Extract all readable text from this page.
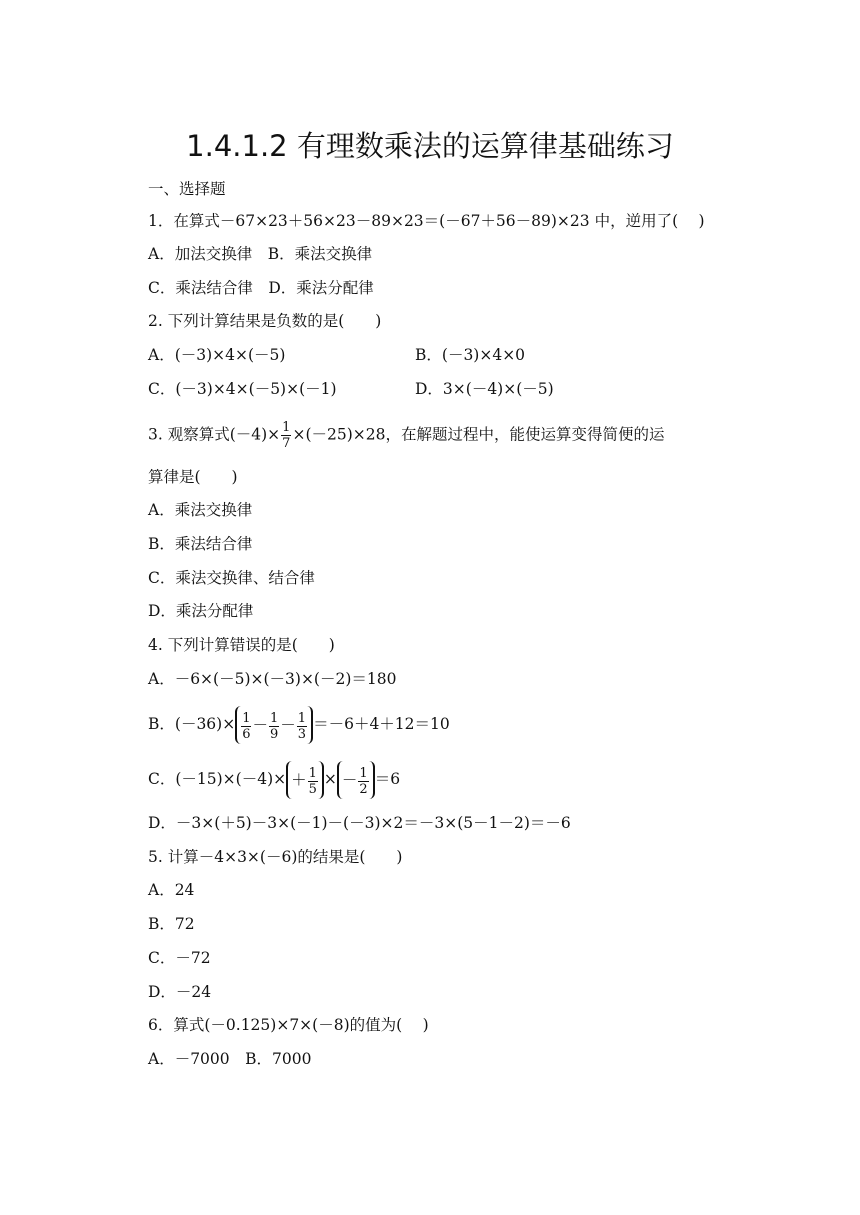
1.4.1.2 有理数乘法的运算律基础练习
一、选择题
1．在算式－67×23＋56×23－89×23＝(－67＋56－89)×23 中，逆用了(　 )
A．加法交换律　B．乘法交换律
C．乘法结合律　D．乘法分配律
2. 下列计算结果是负数的是(　　)
A．(－3)×4×(－5)	B．(－3)×4×0
C．(－3)×4×(－5)×(－1)	D．3×(－4)×(－5)
3. 观察算式$(-4)\times \frac{1}{7} \times(-25)\times 28$，在解题过程中，能使运算变得简便的运
算律是(　　)
A．乘法交换律
B．乘法结合律
C．乘法交换律、结合律
D．乘法分配律
4. 下列计算错误的是(　　)
A．－6×(－5)×(－3)×(－2)＝180
B．$(-36)\times \frac{1}{6} - \frac{1}{9} - \frac{1}{3} =-6+4+12=10$
C．$(-15)\times(-4)\times + \frac{1}{5}$ × － $\frac{1}{2} =6$
D．－3×(＋5)－3×(－1)－(－3)×2＝－3×(5－1－2)＝－6
5. 计算－4×3×(－6)的结果是(　　)
A．24
B．72
C．－72
D．－24
6．算式(－0.125)×7×(－8)的值为(　 )
A．－7000　B．7000
